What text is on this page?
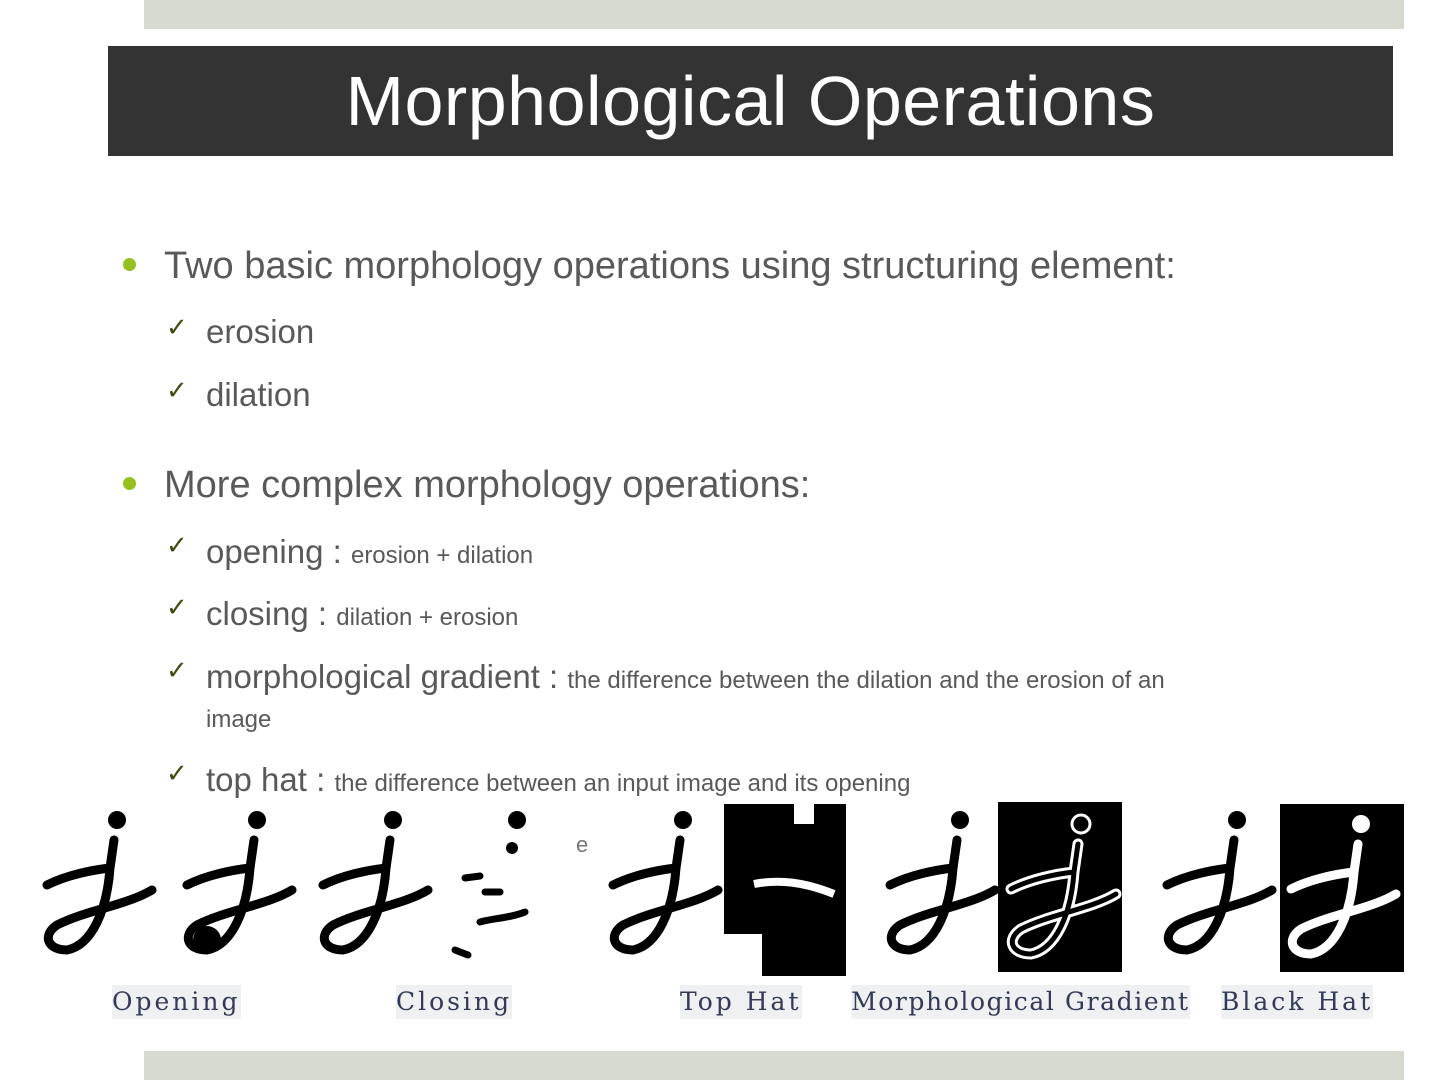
Morphological Operations
Two basic morphology operations using structuring element:
✓ erosion
✓ dilation
More complex morphology operations:
✓ opening : erosion + dilation
✓ closing : dilation + erosion
✓ morphological gradient : the difference between the dilation and the erosion of an
image
✓ top hat : the difference between an input image and its opening
e
Opening	Closing	Top Hat Morphological Gradient Black Hat
